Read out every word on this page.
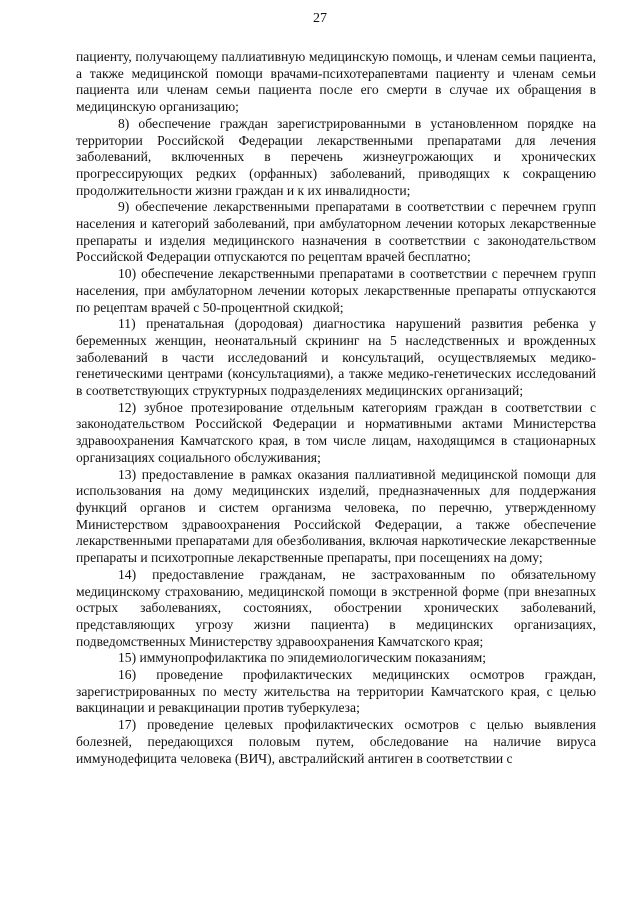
27

пациенту, получающему паллиативную медицинскую помощь, и членам семьи пациента, а также медицинской помощи врачами-психотерапевтами пациенту и членам семьи пациента или членам семьи пациента после его смерти в случае их обращения в медицинскую организацию;

8) обеспечение граждан зарегистрированными в установленном порядке на территории Российской Федерации лекарственными препаратами для лечения заболеваний, включенных в перечень жизнеугрожающих и хронических прогрессирующих редких (орфанных) заболеваний, приводящих к сокращению продолжительности жизни граждан и к их инвалидности;

9) обеспечение лекарственными препаратами в соответствии с перечнем групп населения и категорий заболеваний, при амбулаторном лечении которых лекарственные препараты и изделия медицинского назначения в соответствии с законодательством Российской Федерации отпускаются по рецептам врачей бесплатно;

10) обеспечение лекарственными препаратами в соответствии с перечнем групп населения, при амбулаторном лечении которых лекарственные препараты отпускаются по рецептам врачей с 50-процентной скидкой;

11) пренатальная (дородовая) диагностика нарушений развития ребенка у беременных женщин, неонатальный скрининг на 5 наследственных и врожденных заболеваний в части исследований и консультаций, осуществляемых медико-генетическими центрами (консультациями), а также медико-генетических исследований в соответствующих структурных подразделениях медицинских организаций;

12) зубное протезирование отдельным категориям граждан в соответствии с законодательством Российской Федерации и нормативными актами Министерства здравоохранения Камчатского края, в том числе лицам, находящимся в стационарных организациях социального обслуживания;

13) предоставление в рамках оказания паллиативной медицинской помощи для использования на дому медицинских изделий, предназначенных для поддержания функций органов и систем организма человека, по перечню, утвержденному Министерством здравоохранения Российской Федерации, а также обеспечение лекарственными препаратами для обезболивания, включая наркотические лекарственные препараты и психотропные лекарственные препараты, при посещениях на дому;

14) предоставление гражданам, не застрахованным по обязательному медицинскому страхованию, медицинской помощи в экстренной форме (при внезапных острых заболеваниях, состояниях, обострении хронических заболеваний, представляющих угрозу жизни пациента) в медицинских организациях, подведомственных Министерству здравоохранения Камчатского края;

15) иммунопрофилактика по эпидемиологическим показаниям;

16) проведение профилактических медицинских осмотров граждан, зарегистрированных по месту жительства на территории Камчатского края, с целью вакцинации и ревакцинации против туберкулеза;

17) проведение целевых профилактических осмотров с целью выявления болезней, передающихся половым путем, обследование на наличие вируса иммунодефицита человека (ВИЧ), австралийский антиген в соответствии с
